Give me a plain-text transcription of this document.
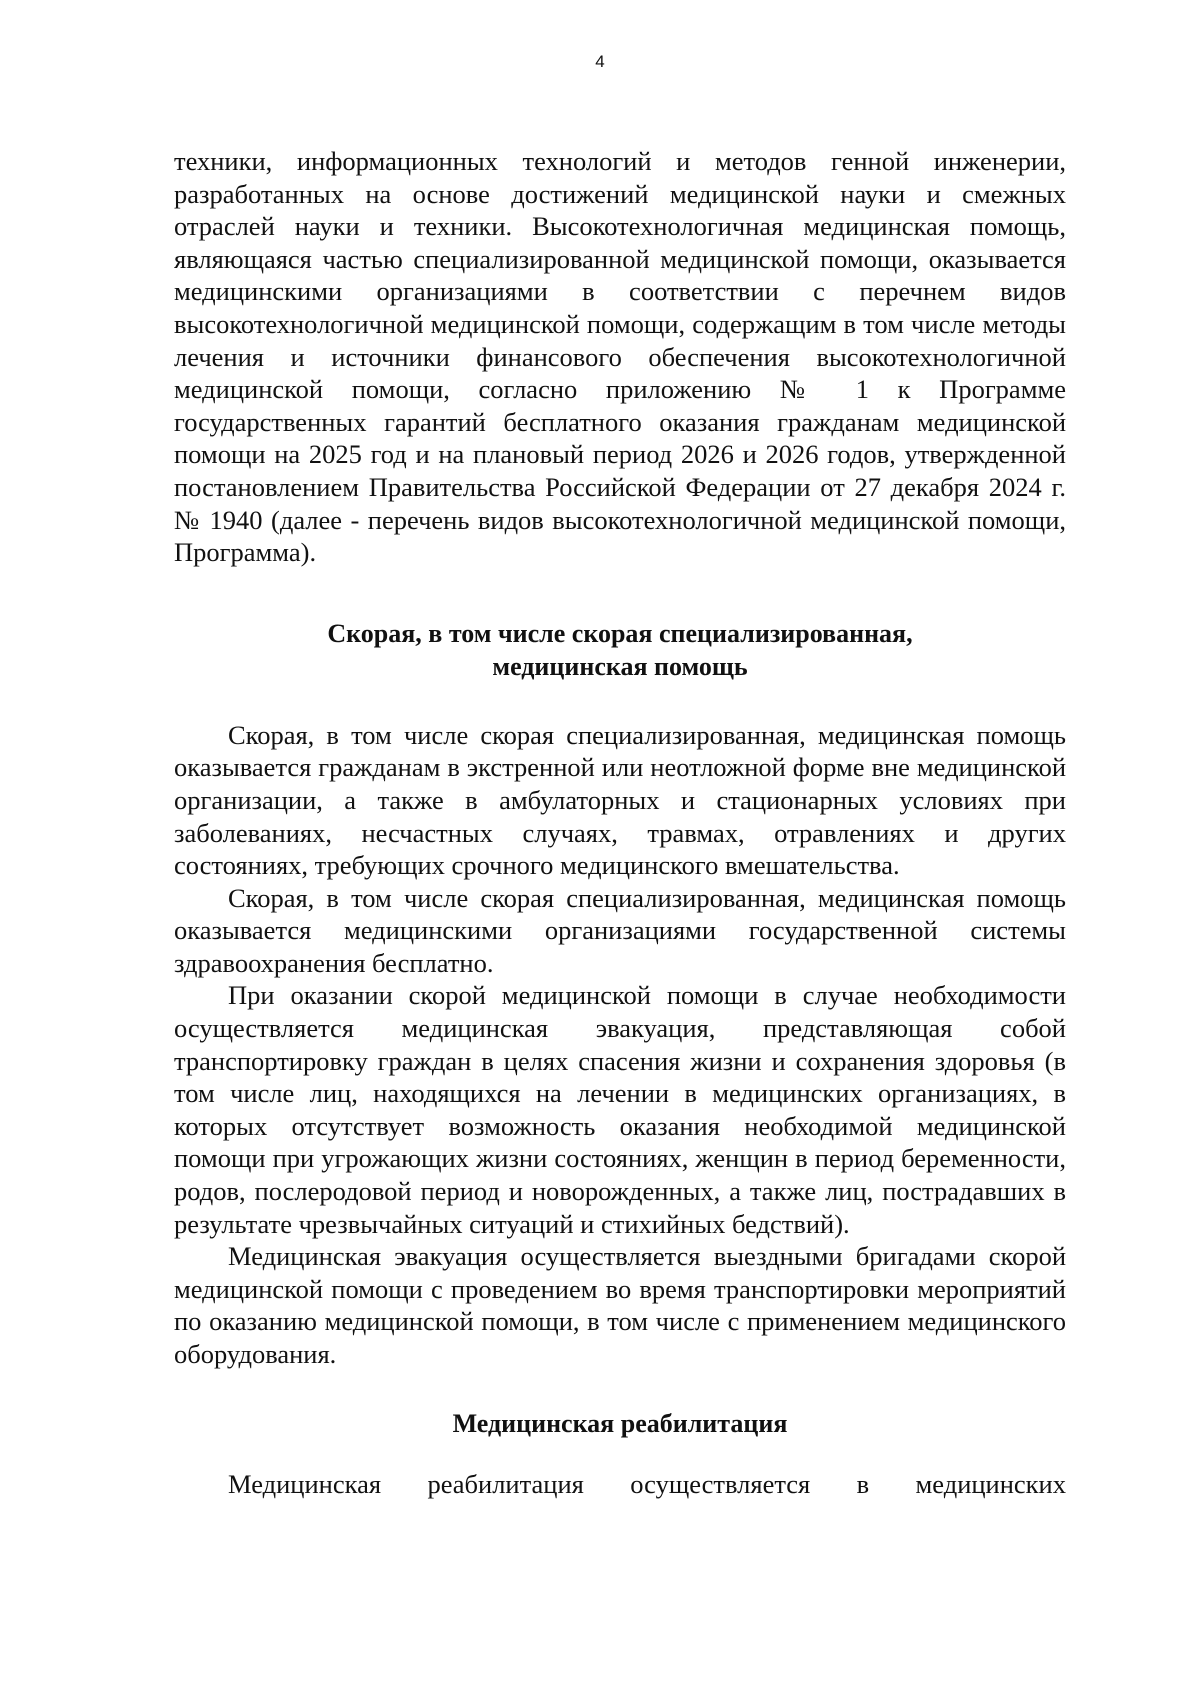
4

техники, информационных технологий и методов генной инженерии, разработанных на основе достижений медицинской науки и смежных отраслей науки и техники. Высокотехнологичная медицинская помощь, являющаяся частью специализированной медицинской помощи, оказывается медицинскими организациями в соответствии с перечнем видов высокотехнологичной медицинской помощи, содержащим в том числе методы лечения и источники финансового обеспечения высокотехнологичной медицинской помощи, согласно приложению № 1 к Программе государственных гарантий бесплатного оказания гражданам медицинской помощи на 2025 год и на плановый период 2026 и 2026 годов, утвержденной постановлением Правительства Российской Федерации от 27 декабря 2024 г. № 1940 (далее - перечень видов высокотехнологичной медицинской помощи, Программа).

Скорая, в том числе скорая специализированная,
медицинская помощь

Скорая, в том числе скорая специализированная, медицинская помощь оказывается гражданам в экстренной или неотложной форме вне медицинской организации, а также в амбулаторных и стационарных условиях при заболеваниях, несчастных случаях, травмах, отравлениях и других состояниях, требующих срочного медицинского вмешательства.

Скорая, в том числе скорая специализированная, медицинская помощь оказывается медицинскими организациями государственной системы здравоохранения бесплатно.

При оказании скорой медицинской помощи в случае необходимости осуществляется медицинская эвакуация, представляющая собой транспортировку граждан в целях спасения жизни и сохранения здоровья (в том числе лиц, находящихся на лечении в медицинских организациях, в которых отсутствует возможность оказания необходимой медицинской помощи при угрожающих жизни состояниях, женщин в период беременности, родов, послеродовой период и новорожденных, а также лиц, пострадавших в результате чрезвычайных ситуаций и стихийных бедствий).

Медицинская эвакуация осуществляется выездными бригадами скорой медицинской помощи с проведением во время транспортировки мероприятий по оказанию медицинской помощи, в том числе с применением медицинского оборудования.

Медицинская реабилитация

Медицинская реабилитация осуществляется в медицинских
